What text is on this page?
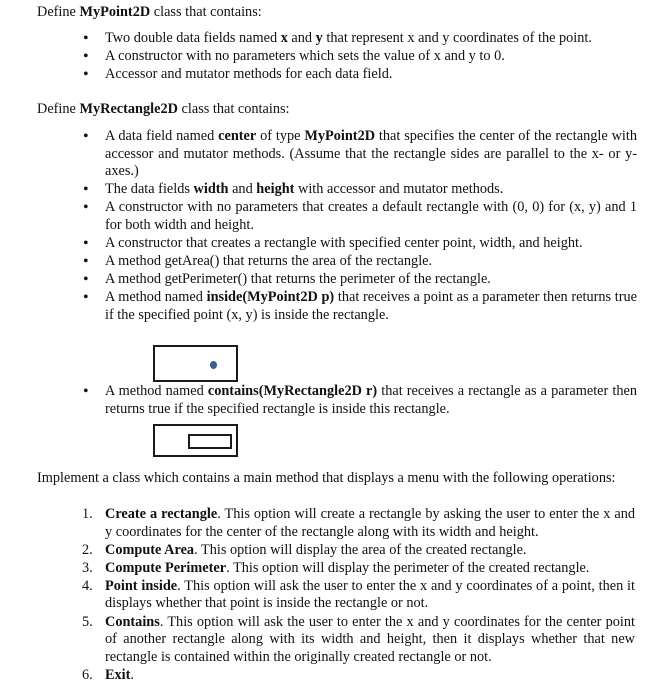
Define MyPoint2D class that contains:

• Two double data fields named x and y that represent x and y coordinates of the point.
• A constructor with no parameters which sets the value of x and y to 0.
• Accessor and mutator methods for each data field.

Define MyRectangle2D class that contains:

• A data field named center of type MyPoint2D that specifies the center of the rectangle with accessor and mutator methods. (Assume that the rectangle sides are parallel to the x- or y-axes.)
• The data fields width and height with accessor and mutator methods.
• A constructor with no parameters that creates a default rectangle with (0, 0) for (x, y) and 1 for both width and height.
• A constructor that creates a rectangle with specified center point, width, and height.
• A method getArea() that returns the area of the rectangle.
• A method getPerimeter() that returns the perimeter of the rectangle.
• A method named inside(MyPoint2D p) that receives a point as a parameter then returns true if the specified point (x, y) is inside the rectangle.
• A method named contains(MyRectangle2D r) that receives a rectangle as a parameter then returns true if the specified rectangle is inside this rectangle.

Implement a class which contains a main method that displays a menu with the following operations:

1. Create a rectangle. This option will create a rectangle by asking the user to enter the x and y coordinates for the center of the rectangle along with its width and height.
2. Compute Area. This option will display the area of the created rectangle.
3. Compute Perimeter. This option will display the perimeter of the created rectangle.
4. Point inside. This option will ask the user to enter the x and y coordinates of a point, then it displays whether that point is inside the rectangle or not.
5. Contains. This option will ask the user to enter the x and y coordinates for the center point of another rectangle along with its width and height, then it displays whether that new rectangle is contained within the originally created rectangle or not.
6. Exit.
